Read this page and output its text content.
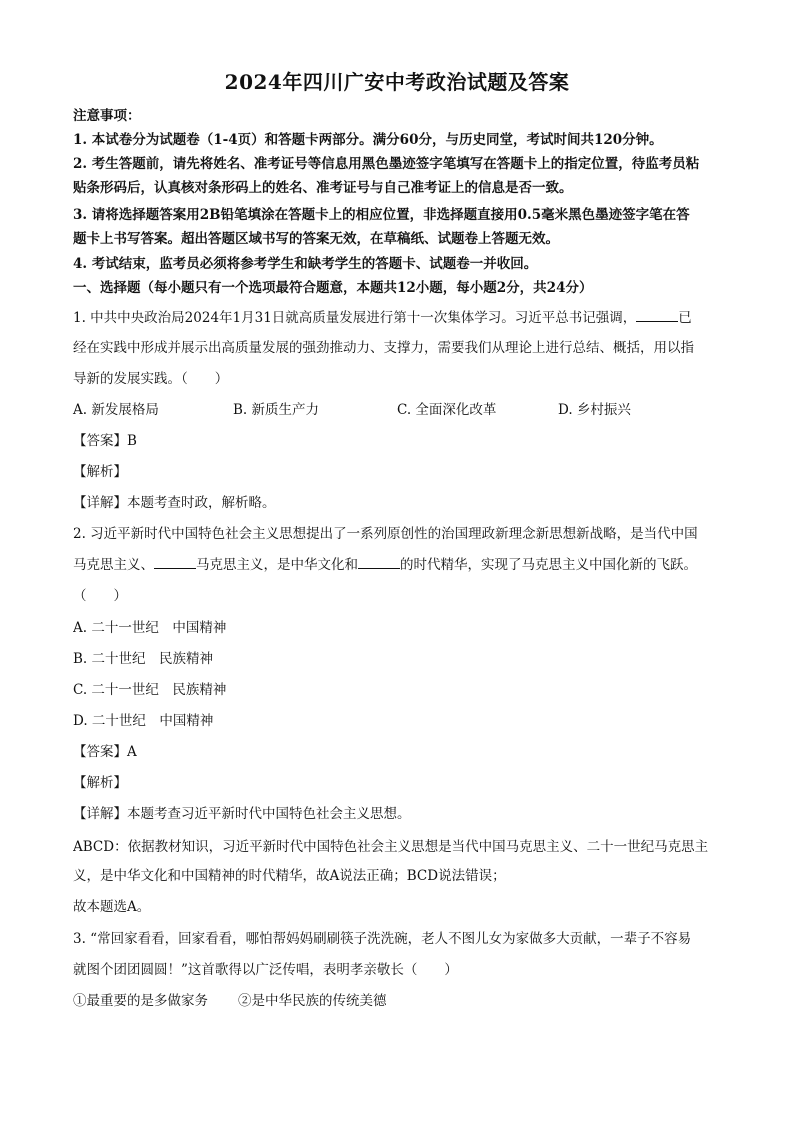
2024年四川广安中考政治试题及答案
注意事项：
1. 本试卷分为试题卷（1-4页）和答题卡两部分。满分60分，与历史同堂，考试时间共120分钟。
2. 考生答题前，请先将姓名、准考证号等信息用黑色墨迹签字笔填写在答题卡上的指定位置，待监考员粘
贴条形码后，认真核对条形码上的姓名、准考证号与自己准考证上的信息是否一致。
3. 请将选择题答案用2B铅笔填涂在答题卡上的相应位置，非选择题直接用0.5毫米黑色墨迹签字笔在答
题卡上书写答案。超出答题区域书写的答案无效，在草稿纸、试题卷上答题无效。
4. 考试结束，监考员必须将参考学生和缺考学生的答题卡、试题卷一并收回。
一、选择题（每小题只有一个选项最符合题意，本题共12小题，每小题2分，共24分）
1. 中共中央政治局2024年1月31日就高质量发展进行第十一次集体学习。习近平总书记强调，	已
经在实践中形成并展示出高质量发展的强劲推动力、支撑力，需要我们从理论上进行总结、概括，用以指
导新的发展实践。（　　）
A. 新发展格局	B. 新质生产力	C. 全面深化改革	D. 乡村振兴
【答案】B
【解析】
【详解】本题考查时政，解析略。
2. 习近平新时代中国特色社会主义思想提出了一系列原创性的治国理政新理念新思想新战略，是当代中国
马克思主义、	马克思主义，是中华文化和	的时代精华，实现了马克思主义中国化新的飞跃。
（　　）
A. 二十一世纪　中国精神
B. 二十世纪　民族精神
C. 二十一世纪　民族精神
D. 二十世纪　中国精神
【答案】A
【解析】
【详解】本题考查习近平新时代中国特色社会主义思想。
ABCD：依据教材知识，习近平新时代中国特色社会主义思想是当代中国马克思主义、二十一世纪马克思主
义，是中华文化和中国精神的时代精华，故A说法正确；BCD说法错误；
故本题选A。
3. “常回家看看，回家看看，哪怕帮妈妈刷刷筷子洗洗碗，老人不图儿女为家做多大贡献，一辈子不容易
就图个团团圆圆！”这首歌得以广泛传唱，表明孝亲敬长（　　）
①最重要的是多做家务 ②是中华民族的传统美德
